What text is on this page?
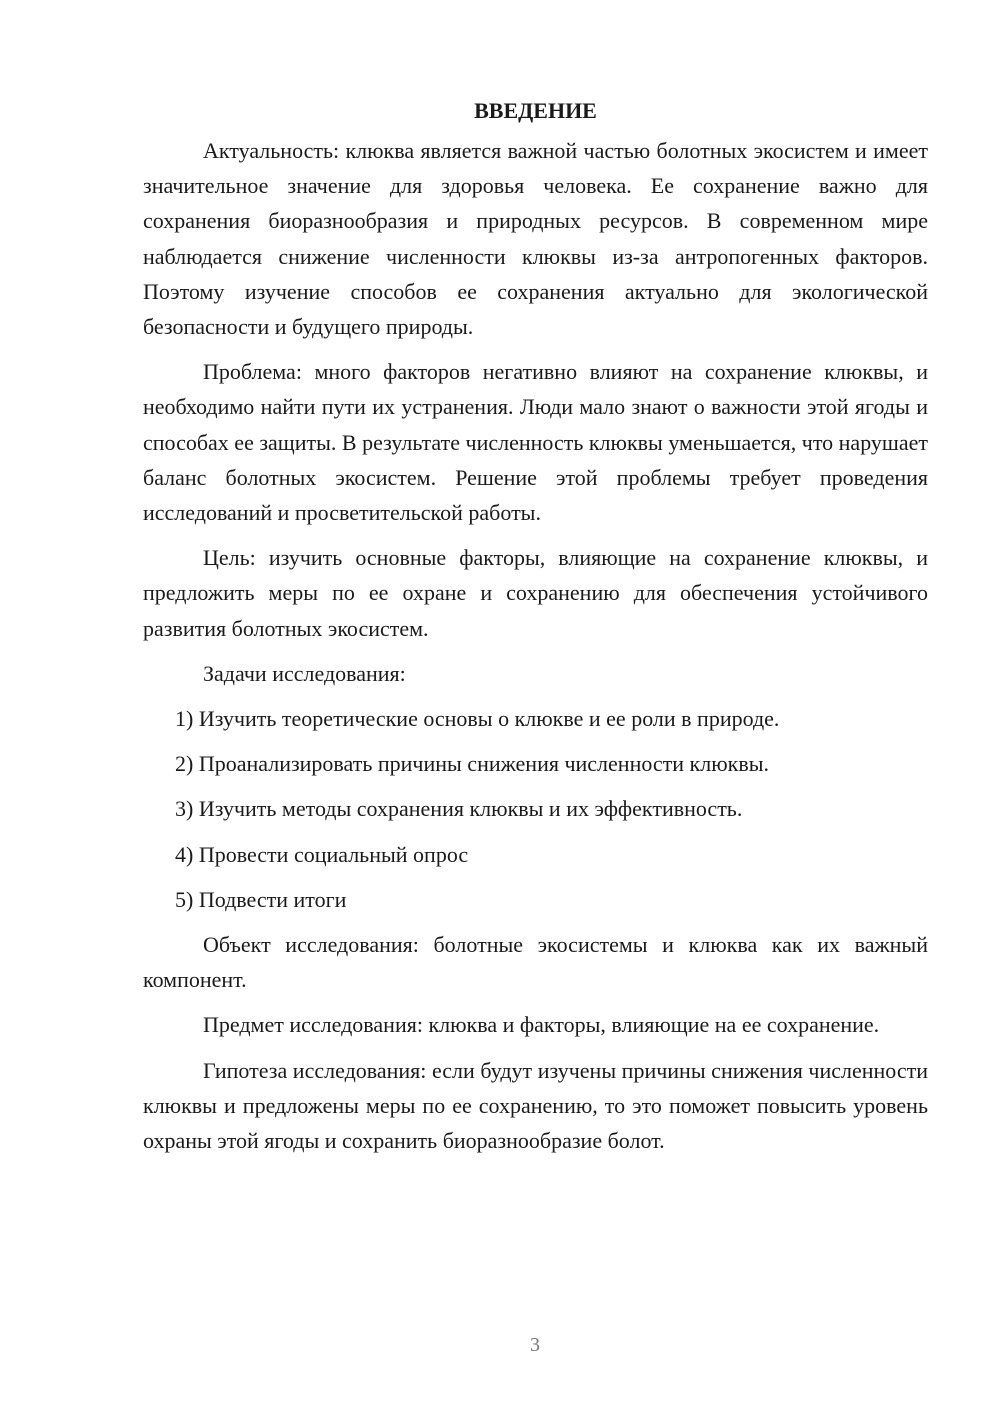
ВВЕДЕНИЕ

Актуальность: клюква является важной частью болотных экосистем и имеет значительное значение для здоровья человека. Ее сохранение важно для сохранения биоразнообразия и природных ресурсов. В современном мире наблюдается снижение численности клюквы из-за антропогенных факторов. Поэтому изучение способов ее сохранения актуально для экологической безопасности и будущего природы.

Проблема: много факторов негативно влияют на сохранение клюквы, и необходимо найти пути их устранения. Люди мало знают о важности этой ягоды и способах ее защиты. В результате численность клюквы уменьшается, что нарушает баланс болотных экосистем. Решение этой проблемы требует проведения исследований и просветительской работы.

Цель: изучить основные факторы, влияющие на сохранение клюквы, и предложить меры по ее охране и сохранению для обеспечения устойчивого развития болотных экосистем.

Задачи исследования:

1) Изучить теоретические основы о клюкве и ее роли в природе.
2) Проанализировать причины снижения численности клюквы.
3) Изучить методы сохранения клюквы и их эффективность.
4) Провести социальный опрос
5) Подвести итоги

Объект исследования: болотные экосистемы и клюква как их важный компонент.

Предмет исследования: клюква и факторы, влияющие на ее сохранение.

Гипотеза исследования: если будут изучены причины снижения численности клюквы и предложены меры по ее сохранению, то это поможет повысить уровень охраны этой ягоды и сохранить биоразнообразие болот.

3
